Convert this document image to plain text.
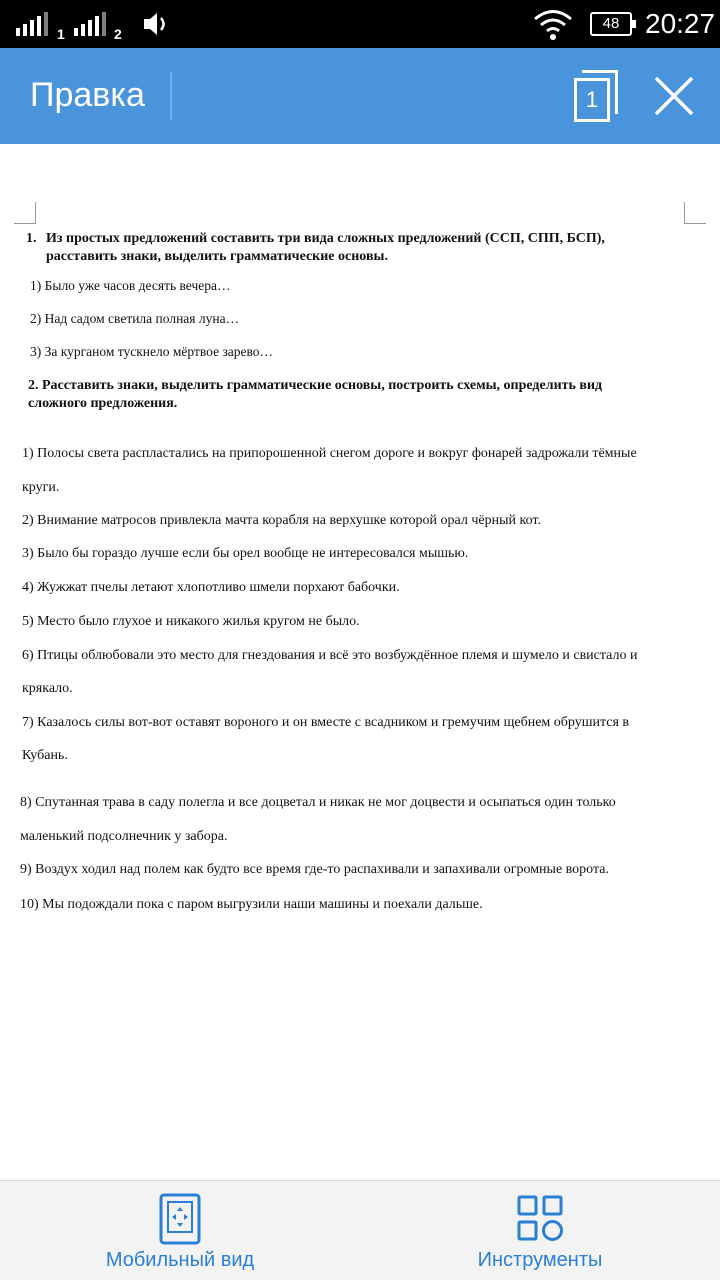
1	2
48 20:27
Правка	1
1. Из простых предложений составить три вида сложных предложений (ССП, СПП, БСП),
расставить знаки, выделить грамматические основы.
1) Было уже часов десять вечера…
2) Над садом светила полная луна…
3) За курганом тускнело мёртвое зарево…
2. Расставить знаки, выделить грамматические основы, построить схемы, определить вид
сложного предложения.
1) Полосы света распластались на припорошенной снегом дороге и вокруг фонарей задрожали тёмные
круги.
2) Внимание матросов привлекла мачта корабля на верхушке которой орал чёрный кот.
3) Было бы гораздо лучше если бы орел вообще не интересовался мышью.
4) Жужжат пчелы летают хлопотливо шмели порхают бабочки.
5) Место было глухое и никакого жилья кругом не было.
6) Птицы облюбовали это место для гнездования и всё это возбуждённое племя и шумело и свистало и
крякало.
7) Казалось силы вот-вот оставят вороного и он вместе с всадником и гремучим щебнем обрушится в
Кубань.
8) Спутанная трава в саду полегла и все доцветал и никак не мог доцвести и осыпаться один только
маленький подсолнечник у забора.
9) Воздух ходил над полем как будто все время где-то распахивали и запахивали огромные ворота.
10) Мы подождали пока с паром выгрузили наши машины и поехали дальше.
Мобильный вид	Инструменты
